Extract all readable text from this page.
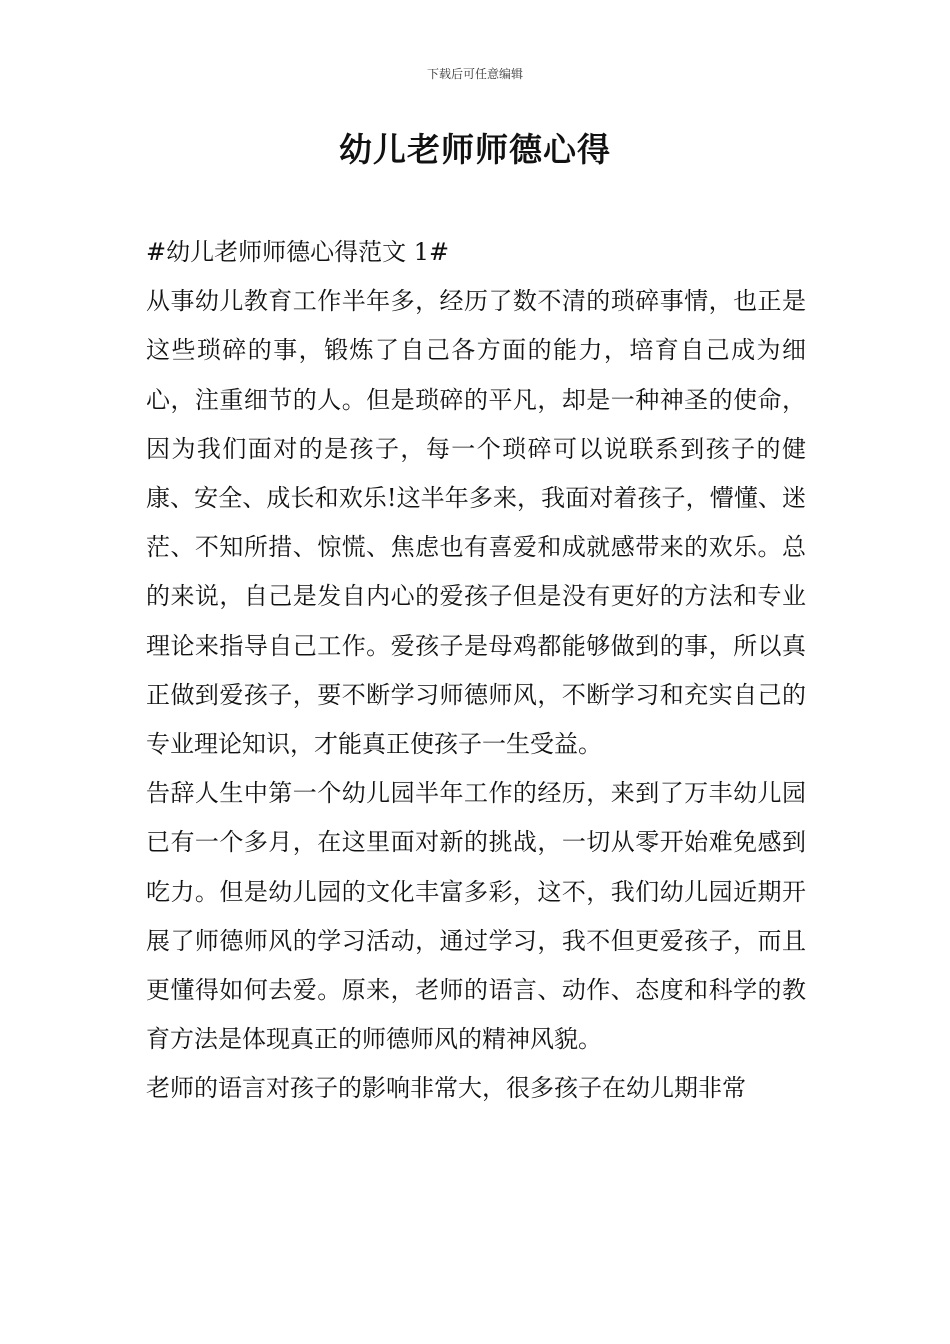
下载后可任意编辑
幼儿老师师德心得

#幼儿老师师德心得范文 1#

从事幼儿教育工作半年多，经历了数不清的琐碎事情，也正是这些琐碎的事，锻炼了自己各方面的能力，培育自己成为细心，注重细节的人。但是琐碎的平凡，却是一种神圣的使命，因为我们面对的是孩子，每一个琐碎可以说联系到孩子的健康、安全、成长和欢乐!这半年多来，我面对着孩子，懵懂、迷茫、不知所措、惊慌、焦虑也有喜爱和成就感带来的欢乐。总的来说，自己是发自内心的爱孩子但是没有更好的方法和专业理论来指导自己工作。爱孩子是母鸡都能够做到的事，所以真正做到爱孩子，要不断学习师德师风，不断学习和充实自己的专业理论知识，才能真正使孩子一生受益。

告辞人生中第一个幼儿园半年工作的经历，来到了万丰幼儿园已有一个多月，在这里面对新的挑战，一切从零开始难免感到吃力。但是幼儿园的文化丰富多彩，这不，我们幼儿园近期开展了师德师风的学习活动，通过学习，我不但更爱孩子，而且更懂得如何去爱。原来，老师的语言、动作、态度和科学的教育方法是体现真正的师德师风的精神风貌。

老师的语言对孩子的影响非常大，很多孩子在幼儿期非常
